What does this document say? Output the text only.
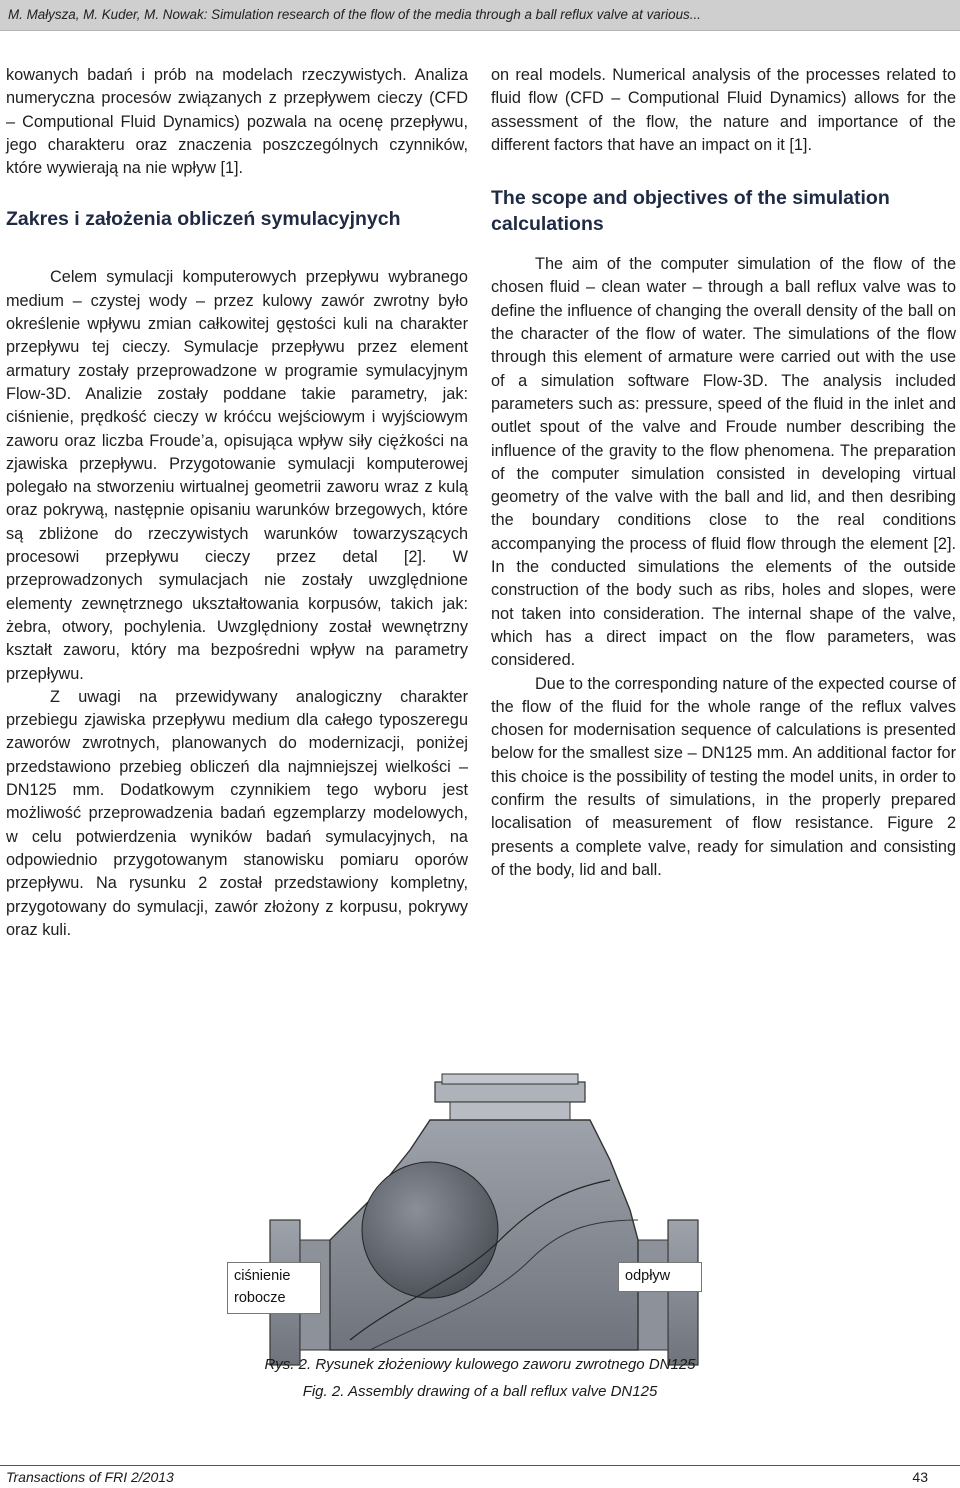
M. Małysza, M. Kuder, M. Nowak: Simulation research of the flow of the media through a ball reflux valve at various...

kowanych badań i prób na modelach rzeczywistych. Analiza numeryczna procesów związanych z przepływem cieczy (CFD – Computional Fluid Dynamics) pozwala na ocenę przepływu, jego charakteru oraz znaczenia poszczególnych czynników, które wywierają na nie wpływ [1].

Zakres i założenia obliczeń symulacyjnych

Celem symulacji komputerowych przepływu wybranego medium – czystej wody – przez kulowy zawór zwrotny było określenie wpływu zmian całkowitej gęstości kuli na charakter przepływu tej cieczy. Symulacje przepływu przez element armatury zostały przeprowadzone w programie symulacyjnym Flow-3D. Analizie zostały poddane takie parametry, jak: ciśnienie, prędkość cieczy w króćcu wejściowym i wyjściowym zaworu oraz liczba Froude’a, opisująca wpływ siły ciężkości na zjawiska przepływu. Przygotowanie symulacji komputerowej polegało na stworzeniu wirtualnej geometrii zaworu wraz z kulą oraz pokrywą, następnie opisaniu warunków brzegowych, które są zbliżone do rzeczywistych warunków towarzyszących procesowi przepływu cieczy przez detal [2]. W przeprowadzonych symulacjach nie zostały uwzględnione elementy zewnętrznego ukształtowania korpusów, takich jak: żebra, otwory, pochylenia. Uwzględniony został wewnętrzny kształt zaworu, który ma bezpośredni wpływ na parametry przepływu.

Z uwagi na przewidywany analogiczny charakter przebiegu zjawiska przepływu medium dla całego typoszeregu zaworów zwrotnych, planowanych do modernizacji, poniżej przedstawiono przebieg obliczeń dla najmniejszej wielkości – DN125 mm. Dodatkowym czynnikiem tego wyboru jest możliwość przeprowadzenia badań egzemplarzy modelowych, w celu potwierdzenia wyników badań symulacyjnych, na odpowiednio przygotowanym stanowisku pomiaru oporów przepływu. Na rysunku 2 został przedstawiony kompletny, przygotowany do symulacji, zawór złożony z korpusu, pokrywy oraz kuli.

on real models. Numerical analysis of the processes related to fluid flow (CFD – Computional Fluid Dynamics) allows for the assessment of the flow, the nature and importance of the different factors that have an impact on it [1].

The scope and objectives of the simulation calculations

The aim of the computer simulation of the flow of the chosen fluid – clean water – through a ball reflux valve was to define the influence of changing the overall density of the ball on the character of the flow of water. The simulations of the flow through this element of armature were carried out with the use of a simulation software Flow-3D. The analysis included parameters such as: pressure, speed of the fluid in the inlet and outlet spout of the valve and Froude number describing the influence of the gravity to the flow phenomena. The preparation of the computer simulation consisted in developing virtual geometry of the valve with the ball and lid, and then desribing the boundary conditions close to the real conditions accompanying the process of fluid flow through the element [2]. In the conducted simulations the elements of the outside construction of the body such as ribs, holes and slopes, were not taken into consideration. The internal shape of the valve, which has a direct impact on the flow parameters, was considered.

Due to the corresponding nature of the expected course of the flow of the fluid for the whole range of the reflux valves chosen for modernisation sequence of calculations is presented below for the smallest size – DN125 mm. An additional factor for this choice is the possibility of testing the model units, in order to confirm the results of simulations, in the properly prepared localisation of measurement of flow resistance. Figure 2 presents a complete valve, ready for simulation and consisting of the body, lid and ball.

ciśnienie robocze
odpływ
Rys. 2. Rysunek złożeniowy kulowego zaworu zwrotnego DN125
Fig. 2. Assembly drawing of a ball reflux valve DN125
Transactions of FRI 2/2013	43
